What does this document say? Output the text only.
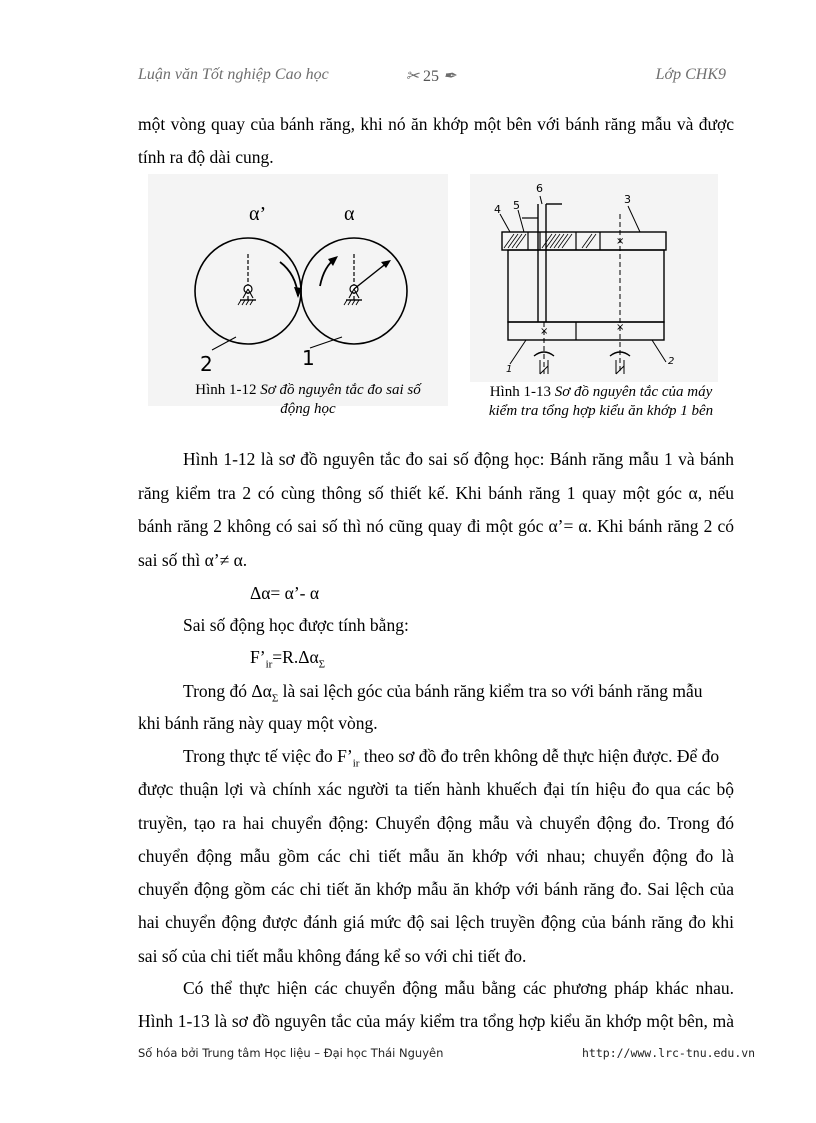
Luận văn Tốt nghiệp Cao học	✂ 25 ✒	Lớp CHK9
một vòng quay của bánh răng, khi nó ăn khớp một bên với bánh răng mẫu và được
tính ra độ dài cung.
α’	α
2	1
Hình 1-12 Sơ đồ nguyên tắc đo sai số
động học
×	×
×
6
4 5	3
1
2
Hình 1-13 Sơ đồ nguyên tắc của máy
kiểm tra tổng hợp kiểu ăn khớp 1 bên
Hình 1-12 là sơ đồ nguyên tắc đo sai số động học: Bánh răng mẫu 1 và bánh
răng kiểm tra 2 có cùng thông số thiết kế. Khi bánh răng 1 quay một góc α, nếu
bánh răng 2 không có sai số thì nó cũng quay đi một góc α’= α. Khi bánh răng 2 có
sai số thì α’≠ α.
Δα= α’- α
Sai số động học được tính bằng:
$F’_{ir}=R.\Delta\alpha_\Sigma$
Trong đó $\Delta\alpha_\Sigma$ là sai lệch góc của bánh răng kiểm tra so với bánh răng mẫu
khi bánh răng này quay một vòng.
Trong thực tế việc đo $F’_{ir}$ theo sơ đồ đo trên không dễ thực hiện được. Để đo
được thuận lợi và chính xác người ta tiến hành khuếch đại tín hiệu đo qua các bộ
truyền, tạo ra hai chuyển động: Chuyển động mẫu và chuyển động đo. Trong đó
chuyển động mẫu gồm các chi tiết mẫu ăn khớp với nhau; chuyển động đo là
chuyển động gồm các chi tiết ăn khớp mẫu ăn khớp với bánh răng đo. Sai lệch của
hai chuyển động được đánh giá mức độ sai lệch truyền động của bánh răng đo khi
sai số của chi tiết mẫu không đáng kể so với chi tiết đo.
Có thể thực hiện các chuyển động mẫu bằng các phương pháp khác nhau.
Hình 1-13 là sơ đồ nguyên tắc của máy kiểm tra tổng hợp kiểu ăn khớp một bên, mà
Số hóa bởi Trung tâm Học liệu – Đại học Thái Nguyên	http://www.lrc-tnu.edu.vn
